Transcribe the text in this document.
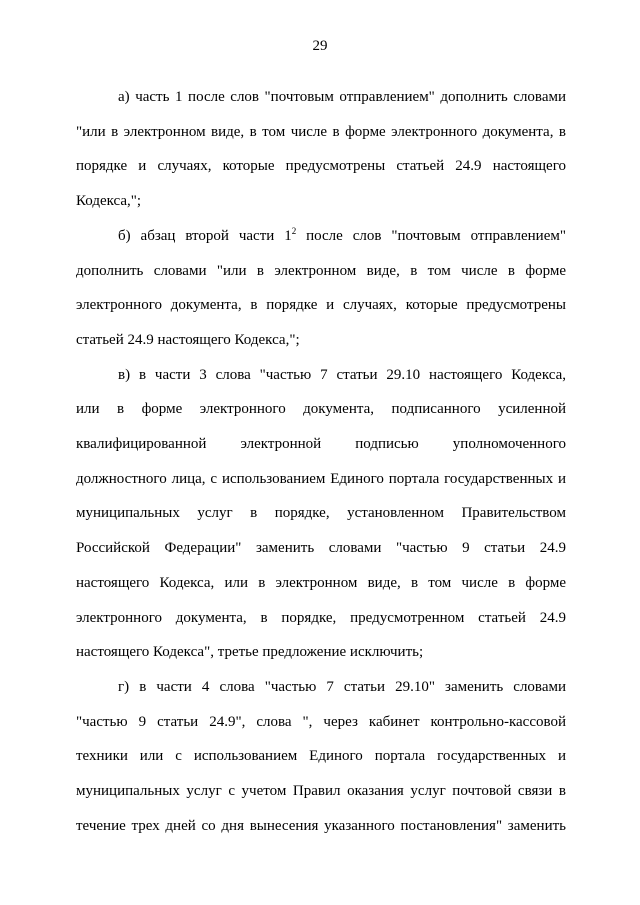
29
а) часть 1 после слов "почтовым отправлением" дополнить словами
"или в электронном виде, в том числе в форме электронного документа, в
порядке и случаях, которые предусмотрены статьей 24.9 настоящего
Кодекса,";
б) абзац второй части $1^2$ после слов "почтовым отправлением"
дополнить словами "или в электронном виде, в том числе в форме
электронного документа, в порядке и случаях, которые предусмотрены
статьей 24.9 настоящего Кодекса,";
в) в части 3 слова "частью 7 статьи 29.10 настоящего Кодекса,
или в форме электронного документа, подписанного усиленной
квалифицированной электронной подписью уполномоченного
должностного лица, с использованием Единого портала государственных и
муниципальных услуг в порядке, установленном Правительством
Российской Федерации" заменить словами "частью 9 статьи 24.9
настоящего Кодекса, или в электронном виде, в том числе в форме
электронного документа, в порядке, предусмотренном статьей 24.9
настоящего Кодекса", третье предложение исключить;
г) в части 4 слова "частью 7 статьи 29.10" заменить словами
"частью 9 статьи 24.9", слова ", через кабинет контрольно-кассовой
техники или с использованием Единого портала государственных и
муниципальных услуг с учетом Правил оказания услуг почтовой связи в
течение трех дней со дня вынесения указанного постановления" заменить
